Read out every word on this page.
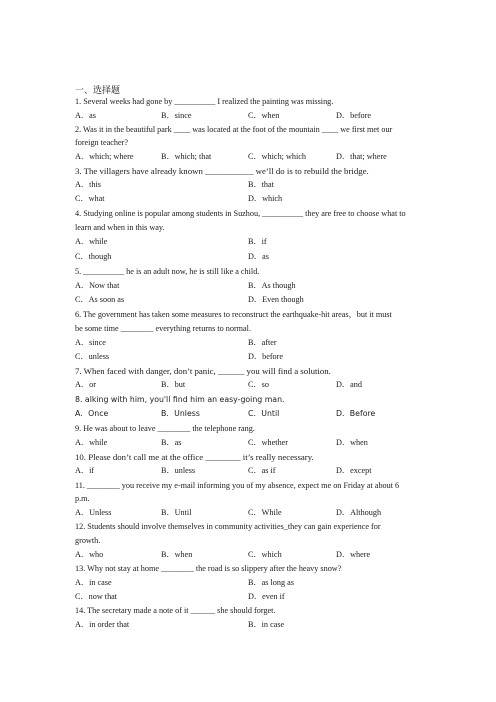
一、选择题
1. Several weeks had gone by __________ I realized the painting was missing.
A．as	B．since	C．when	D．before
2. Was it in the beautiful park ____ was located at the foot of the mountain ____ we first met our
foreign teacher?
A．which; where	B．which; that	C．which; which	D．that; where
3. The villagers have already known ___________ we’ll do is to rebuild the bridge.
A．this	B．that
C．what	D．which
4. Studying online is popular among students in Suzhou, __________ they are free to choose what to
learn and when in this way.
A．while	B．if
C．though	D．as
5. __________ he is an adult now, he is still like a child.
A．Now that	B．As though
C．As soon as	D．Even though
6. The government has taken some measures to reconstruct the earthquake-hit areas，but it must
be some time ________ everything returns to normal.
A．since	B．after
C．unless	D．before
7. When faced with danger, don’t panic, ______ you will find a solution.
A．or	B．but	C．so	D．and
8. alking with him, you'll find him an easy-going man.
A．Once	B．Unless	C．Until	D．Before
9. He was about to leave ________ the telephone rang.
A．while	B．as	C．whether	D．when
10. Please don’t call me at the office ________ it’s really necessary.
A．if	B．unless	C．as if	D．except
11. ________ you receive my e-mail informing you of my absence, expect me on Friday at about 6
p.m.
A．Unless	B．Until	C．While	D．Although
12. Students should involve themselves in community activities_they can gain experience for
growth.
A．who	B．when	C．which	D．where
13. Why not stay at home ________ the road is so slippery after the heavy snow?
A．in case	B．as long as
C．now that	D．even if
14. The secretary made a note of it ______ she should forget.
A．in order that	B．in case
